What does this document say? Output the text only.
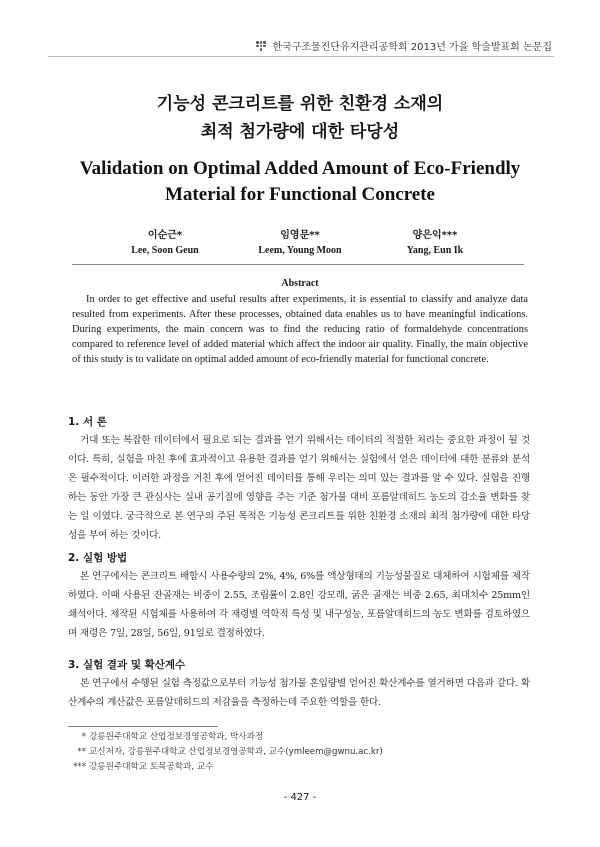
한국구조물진단유지관리공학회 2013년 가을 학술발표회 논문집
기능성 콘크리트를 위한 친환경 소재의
최적 첨가량에 대한 타당성
Validation on Optimal Added Amount of Eco-Friendly
Material for Functional Concrete
이순근*
Lee, Soon Geun
임영문**
Leem, Young Moon
양은익***
Yang, Eun Ik
Abstract

In order to get effective and useful results after experiments, it is essential to classify and analyze data resulted from experiments. After these processes, obtained data enables us to have meaningful indications. During experiments, the main concern was to find the reducing ratio of formaldehyde concentrations compared to reference level of added material which affect the indoor air quality. Finally, the main objective of this study is to validate on optimal added amount of eco-friendly material for functional concrete.

1. 서 론

거대 또는 복잡한 데이터에서 필요로 되는 결과를 얻기 위해서는 데이터의 적절한 처리는 중요한 과정이 될 것이다. 특히, 실험을 마친 후에 효과적이고 유용한 결과를 얻기 위해서는 실험에서 얻은 데이터에 대한 분류와 분석은 필수적이다. 이러한 과정을 거친 후에 얻어진 데이터를 통해 우리는 의미 있는 결과를 알 수 있다. 실험을 진행하는 동안 가장 큰 관심사는 실내 공기질에 영향을 주는 기준 첨가물 대비 포름알데히드 농도의 감소율 변화를 찾는 일 이였다. 궁극적으로 본 연구의 주된 목적은 기능성 콘크리트를 위한 친환경 소재의 최적 첨가량에 대한 타당성을 부여 하는 것이다.

2. 실험 방법

본 연구에서는 콘크리트 배합시 사용수량의 2%, 4%, 6%를 액상형태의 기능성물질로 대체하여 시험체를 제작하였다. 이때 사용된 잔골재는 비중이 2.55, 조립률이 2.8인 강모래, 굵은 골재는 비중 2.65, 최대치수 25mm인 쇄석이다. 제작된 시험체를 사용하여 각 재령별 역학적 특성 및 내구성능, 포름알데히드의 농도 변화를 검토하였으며 재령은 7일, 28일, 56일, 91일로 결정하였다.

3. 실험 결과 및 확산계수

본 연구에서 수행된 실험 측정값으로부터 기능성 첨가물 혼입량별 얻어진 확산계수를 열거하면 다음과 같다. 확산계수의 계산값은 포름알데히드의 저감율을 측정하는데 주요한 역할을 한다.

* 강릉원주대학교 산업정보경영공학과, 박사과정
** 교신저자, 강릉원주대학교 산업정보경영공학과, 교수(ymleem@gwnu.ac.kr)
*** 강릉원주대학교 토목공학과, 교수
- 427 -
